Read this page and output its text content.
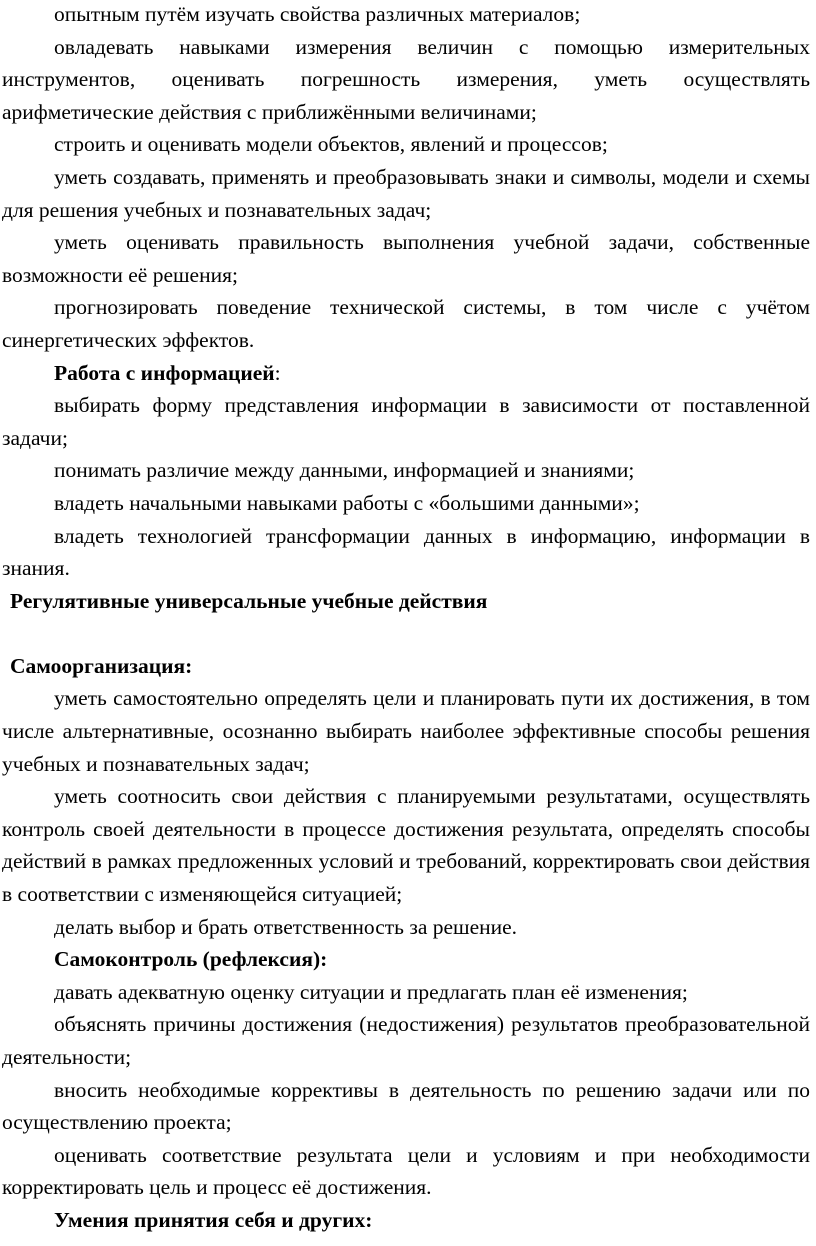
опытным путём изучать свойства различных материалов;

овладевать навыками измерения величин с помощью измерительных инструментов, оценивать погрешность измерения, уметь осуществлять арифметические действия с приближёнными величинами;

строить и оценивать модели объектов, явлений и процессов;

уметь создавать, применять и преобразовывать знаки и символы, модели и схемы для решения учебных и познавательных задач;

уметь оценивать правильность выполнения учебной задачи, собственные возможности её решения;

прогнозировать поведение технической системы, в том числе с учётом синергетических эффектов.

Работа с информацией:

выбирать форму представления информации в зависимости от поставленной задачи;

понимать различие между данными, информацией и знаниями;

владеть начальными навыками работы с «большими данными»;

владеть технологией трансформации данных в информацию, информации в знания.

Регулятивные универсальные учебные действия

Самоорганизация:

уметь самостоятельно определять цели и планировать пути их достижения, в том числе альтернативные, осознанно выбирать наиболее эффективные способы решения учебных и познавательных задач;

уметь соотносить свои действия с планируемыми результатами, осуществлять контроль своей деятельности в процессе достижения результата, определять способы действий в рамках предложенных условий и требований, корректировать свои действия в соответствии с изменяющейся ситуацией;

делать выбор и брать ответственность за решение.

Самоконтроль (рефлексия):

давать адекватную оценку ситуации и предлагать план её изменения;

объяснять причины достижения (недостижения) результатов преобразовательной деятельности;

вносить необходимые коррективы в деятельность по решению задачи или по осуществлению проекта;

оценивать соответствие результата цели и условиям и при необходимости корректировать цель и процесс её достижения.

Умения принятия себя и других:
